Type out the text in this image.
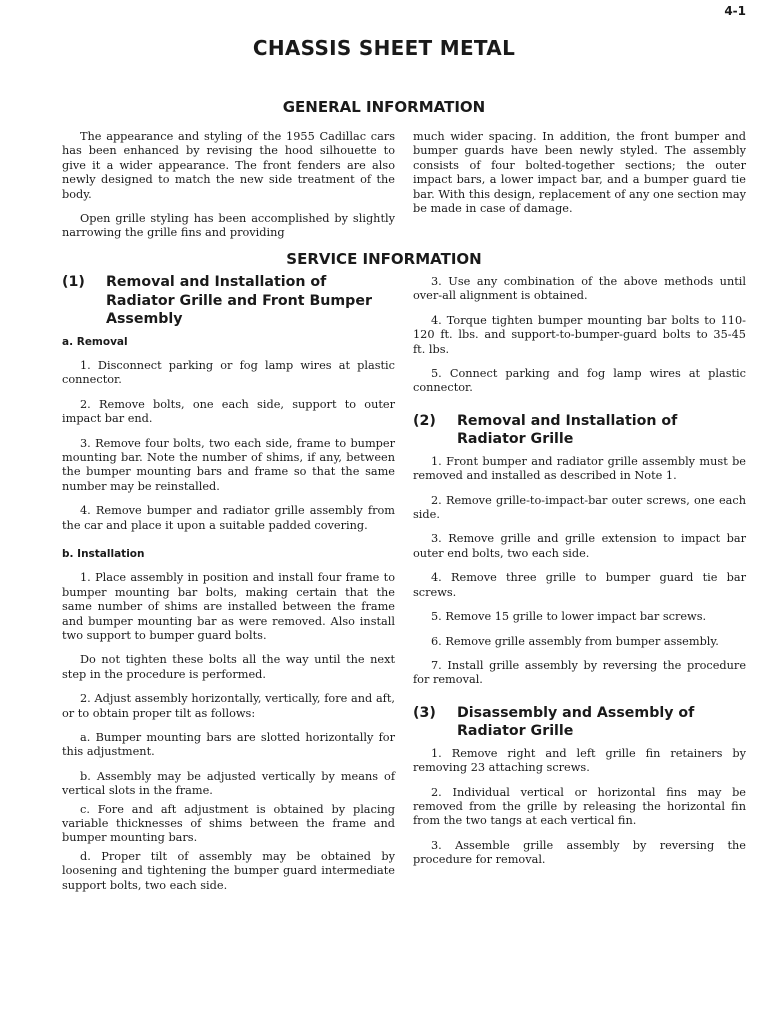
4-1
CHASSIS SHEET METAL
GENERAL INFORMATION

The appearance and styling of the 1955 Cadillac cars has been enhanced by revising the hood silhouette to give it a wider appearance. The front fenders are also newly designed to match the new side treatment of the body.

Open grille styling has been accomplished by slightly narrowing the grille fins and providing

much wider spacing. In addition, the front bumper and bumper guards have been newly styled. The assembly consists of four bolted-together sections; the outer impact bars, a lower impact bar, and a bumper guard tie bar. With this design, replacement of any one section may be made in case of damage.

SERVICE INFORMATION
(1)	Removal and Installation of Radiator Grille and Front Bumper Assembly
a. Removal

1. Disconnect parking or fog lamp wires at plastic connector.

2. Remove bolts, one each side, support to outer impact bar end.

3. Remove four bolts, two each side, frame to bumper mounting bar. Note the number of shims, if any, between the bumper mounting bars and frame so that the same number may be reinstalled.

4. Remove bumper and radiator grille assembly from the car and place it upon a suitable padded covering.

b. Installation

1. Place assembly in position and install four frame to bumper mounting bar bolts, making certain that the same number of shims are installed between the frame and bumper mounting bar as were removed. Also install two support to bumper guard bolts.

Do not tighten these bolts all the way until the next step in the procedure is performed.

2. Adjust assembly horizontally, vertically, fore and aft, or to obtain proper tilt as follows:

a. Bumper mounting bars are slotted horizontally for this adjustment.

b. Assembly may be adjusted vertically by means of vertical slots in the frame.

c. Fore and aft adjustment is obtained by placing variable thicknesses of shims between the frame and bumper mounting bars.

d. Proper tilt of assembly may be obtained by loosening and tightening the bumper guard intermediate support bolts, two each side.

3. Use any combination of the above methods until over-all alignment is obtained.

4. Torque tighten bumper mounting bar bolts to 110-120 ft. lbs. and support-to-bumper-guard bolts to 35-45 ft. lbs.

5. Connect parking and fog lamp wires at plastic connector.

(2)	Removal and Installation of Radiator Grille

1. Front bumper and radiator grille assembly must be removed and installed as described in Note 1.

2. Remove grille-to-impact-bar outer screws, one each side.

3. Remove grille and grille extension to impact bar outer end bolts, two each side.

4. Remove three grille to bumper guard tie bar screws.

5. Remove 15 grille to lower impact bar screws.

6. Remove grille assembly from bumper assembly.

7. Install grille assembly by reversing the procedure for removal.

(3)	Disassembly and Assembly of Radiator Grille

1. Remove right and left grille fin retainers by removing 23 attaching screws.

2. Individual vertical or horizontal fins may be removed from the grille by releasing the horizontal fin from the two tangs at each vertical fin.

3. Assemble grille assembly by reversing the procedure for removal.
